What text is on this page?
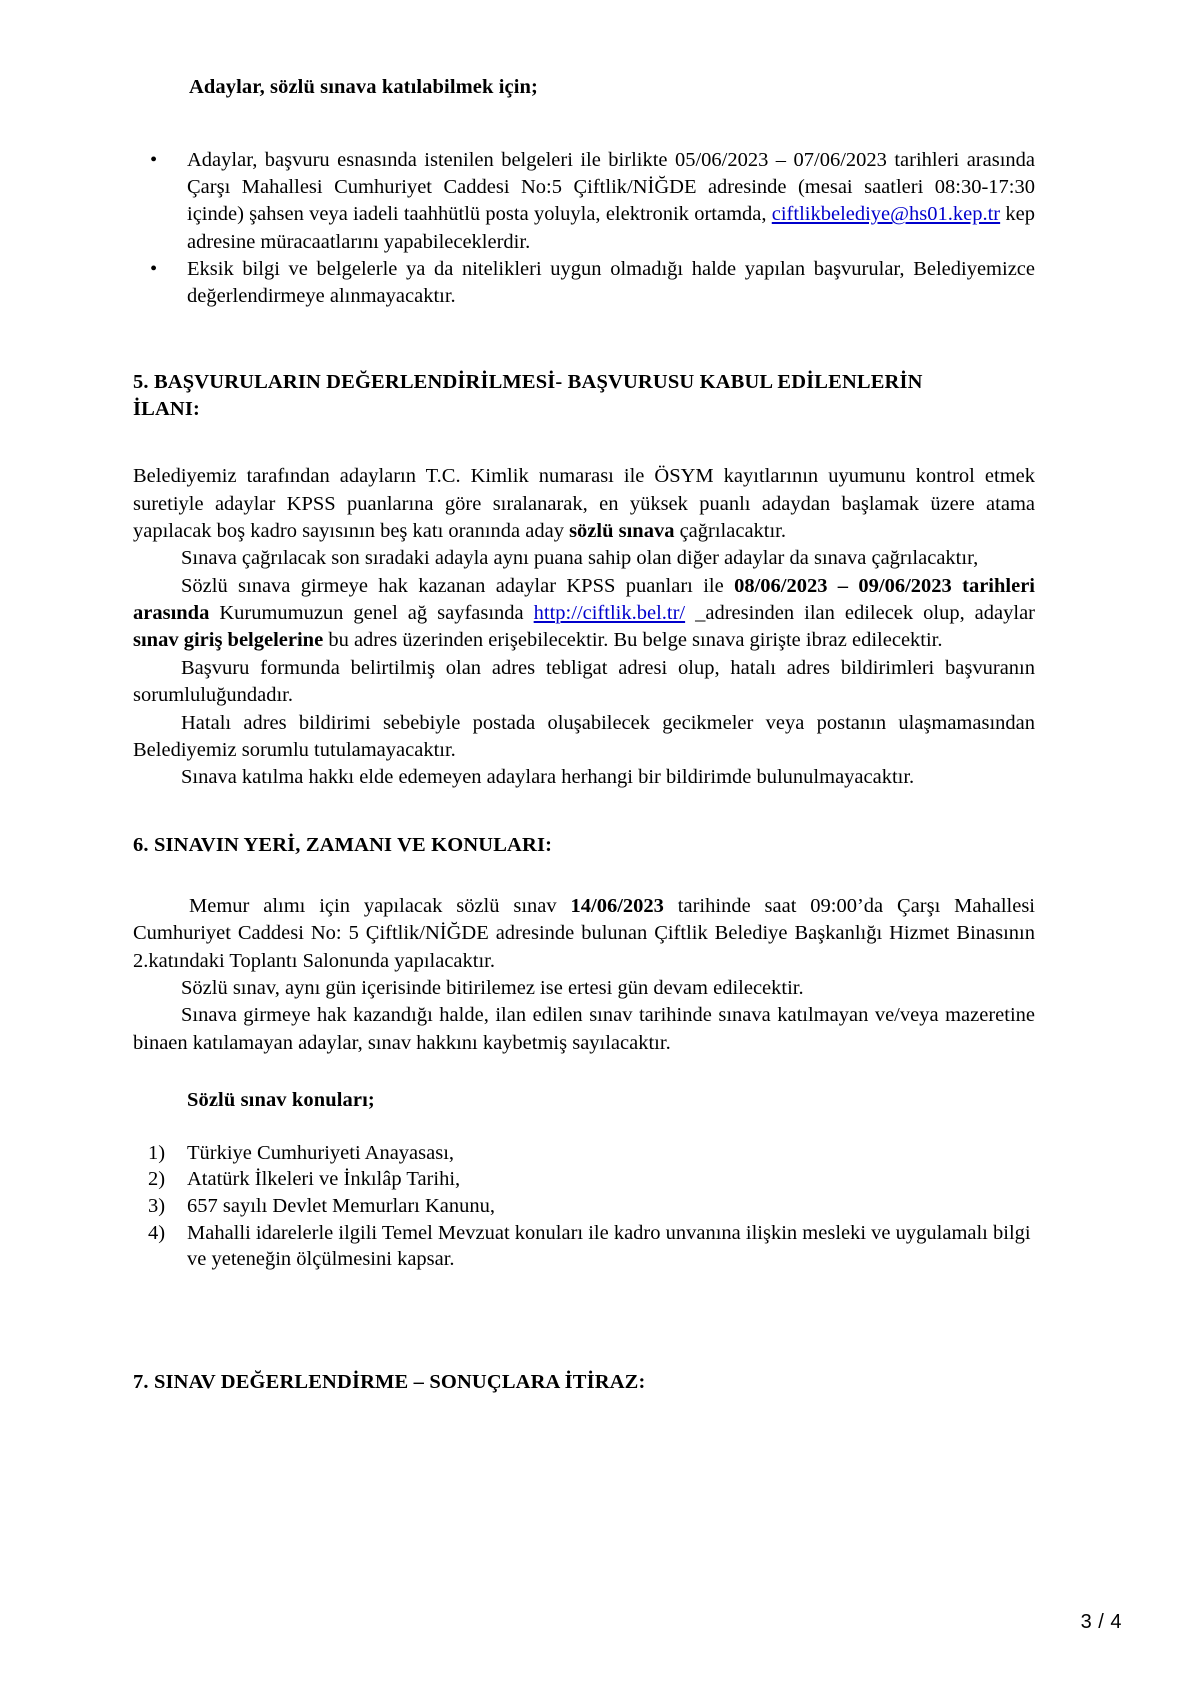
Adaylar, sözlü sınava katılabilmek için;

• Adaylar, başvuru esnasında istenilen belgeleri ile birlikte 05/06/2023 – 07/06/2023 tarihleri arasında Çarşı Mahallesi Cumhuriyet Caddesi No:5 Çiftlik/NİĞDE adresinde (mesai saatleri 08:30-17:30 içinde) şahsen veya iadeli taahhütlü posta yoluyla, elektronik ortamda, ciftlikbelediye@hs01.kep.tr kep adresine müracaatlarını yapabileceklerdir.
• Eksik bilgi ve belgelerle ya da nitelikleri uygun olmadığı halde yapılan başvurular, Belediyemizce değerlendirmeye alınmayacaktır.
5. BAŞVURULARIN DEĞERLENDİRİLMESİ- BAŞVURUSU KABUL EDİLENLERİN
İLANI:

Belediyemiz tarafından adayların T.C. Kimlik numarası ile ÖSYM kayıtlarının uyumunu kontrol etmek suretiyle adaylar KPSS puanlarına göre sıralanarak, en yüksek puanlı adaydan başlamak üzere atama yapılacak boş kadro sayısının beş katı oranında aday sözlü sınava çağrılacaktır.

Sınava çağrılacak son sıradaki adayla aynı puana sahip olan diğer adaylar da sınava çağrılacaktır,

Sözlü sınava girmeye hak kazanan adaylar KPSS puanları ile 08/06/2023 – 09/06/2023 tarihleri arasında Kurumumuzun genel ağ sayfasında http://ciftlik.bel.tr/ _adresinden ilan edilecek olup, adaylar sınav giriş belgelerine bu adres üzerinden erişebilecektir. Bu belge sınava girişte ibraz edilecektir.

Başvuru formunda belirtilmiş olan adres tebligat adresi olup, hatalı adres bildirimleri başvuranın sorumluluğundadır.

Hatalı adres bildirimi sebebiyle postada oluşabilecek gecikmeler veya postanın ulaşmamasından Belediyemiz sorumlu tutulamayacaktır.

Sınava katılma hakkı elde edemeyen adaylara herhangi bir bildirimde bulunulmayacaktır.

6. SINAVIN YERİ, ZAMANI VE KONULARI:

Memur alımı için yapılacak sözlü sınav 14/06/2023 tarihinde saat 09:00’da Çarşı Mahallesi Cumhuriyet Caddesi No: 5 Çiftlik/NİĞDE adresinde bulunan Çiftlik Belediye Başkanlığı Hizmet Binasının 2.katındaki Toplantı Salonunda yapılacaktır.

Sözlü sınav, aynı gün içerisinde bitirilemez ise ertesi gün devam edilecektir.

Sınava girmeye hak kazandığı halde, ilan edilen sınav tarihinde sınava katılmayan ve/veya mazeretine binaen katılamayan adaylar, sınav hakkını kaybetmiş sayılacaktır.

Sözlü sınav konuları;

1)	Türkiye Cumhuriyeti Anayasası,
2)	Atatürk İlkeleri ve İnkılâp Tarihi,
3)	657 sayılı Devlet Memurları Kanunu,
4)	Mahalli idarelerle ilgili Temel Mevzuat konuları ile kadro unvanına ilişkin mesleki ve uygulamalı bilgi ve yeteneğin ölçülmesini kapsar.
7. SINAV DEĞERLENDİRME – SONUÇLARA İTİRAZ:
3 / 4
